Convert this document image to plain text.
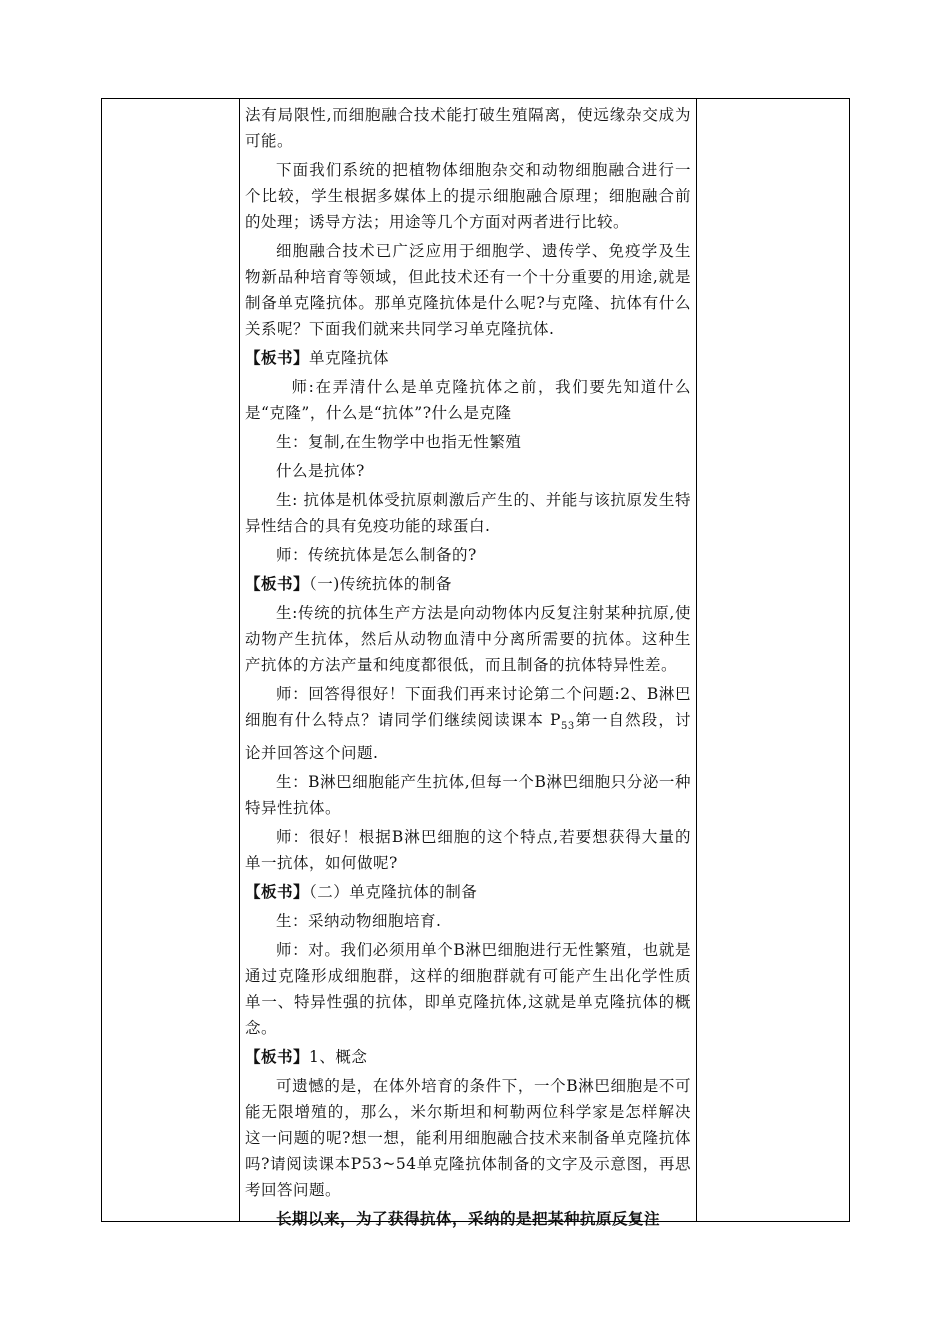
法有局限性,而细胞融合技术能打破生殖隔离，使远缘杂交成为可能。

下面我们系统的把植物体细胞杂交和动物细胞融合进行一个比较，学生根据多媒体上的提示细胞融合原理；细胞融合前的处理；诱导方法；用途等几个方面对两者进行比较。

细胞融合技术已广泛应用于细胞学、遗传学、免疫学及生物新品种培育等领域，但此技术还有一个十分重要的用途,就是制备单克隆抗体。那单克隆抗体是什么呢?与克隆、抗体有什么关系呢？下面我们就来共同学习单克隆抗体.

【板书】单克隆抗体

师:在弄清什么是单克隆抗体之前，我们要先知道什么是“克隆”，什么是“抗体”?什么是克隆

生：复制,在生物学中也指无性繁殖

什么是抗体?

生: 抗体是机体受抗原刺激后产生的、并能与该抗原发生特异性结合的具有免疫功能的球蛋白.

师：传统抗体是怎么制备的?

【板书】（一)传统抗体的制备

生:传统的抗体生产方法是向动物体内反复注射某种抗原,使动物产生抗体，然后从动物血清中分离所需要的抗体。这种生产抗体的方法产量和纯度都很低，而且制备的抗体特异性差。

师：回答得很好！下面我们再来讨论第二个问题:2、B淋巴细胞有什么特点？请同学们继续阅读课本 $P_{53}$第一自然段，讨论并回答这个问题.

生：B淋巴细胞能产生抗体,但每一个B淋巴细胞只分泌一种特异性抗体。

师：很好！根据B淋巴细胞的这个特点,若要想获得大量的单一抗体，如何做呢?

【板书】（二）单克隆抗体的制备

生：采纳动物细胞培育.

师：对。我们必须用单个B淋巴细胞进行无性繁殖，也就是通过克隆形成细胞群，这样的细胞群就有可能产生出化学性质单一、特异性强的抗体，即单克隆抗体,这就是单克隆抗体的概念。

【板书】1、概念

可遗憾的是，在体外培育的条件下，一个B淋巴细胞是不可能无限增殖的，那么，米尔斯坦和柯勒两位科学家是怎样解决这一问题的呢?想一想，能利用细胞融合技术来制备单克隆抗体吗?请阅读课本P53~54单克隆抗体制备的文字及示意图，再思考回答问题。

长期以来，为了获得抗体，采纳的是把某种抗原反复注
